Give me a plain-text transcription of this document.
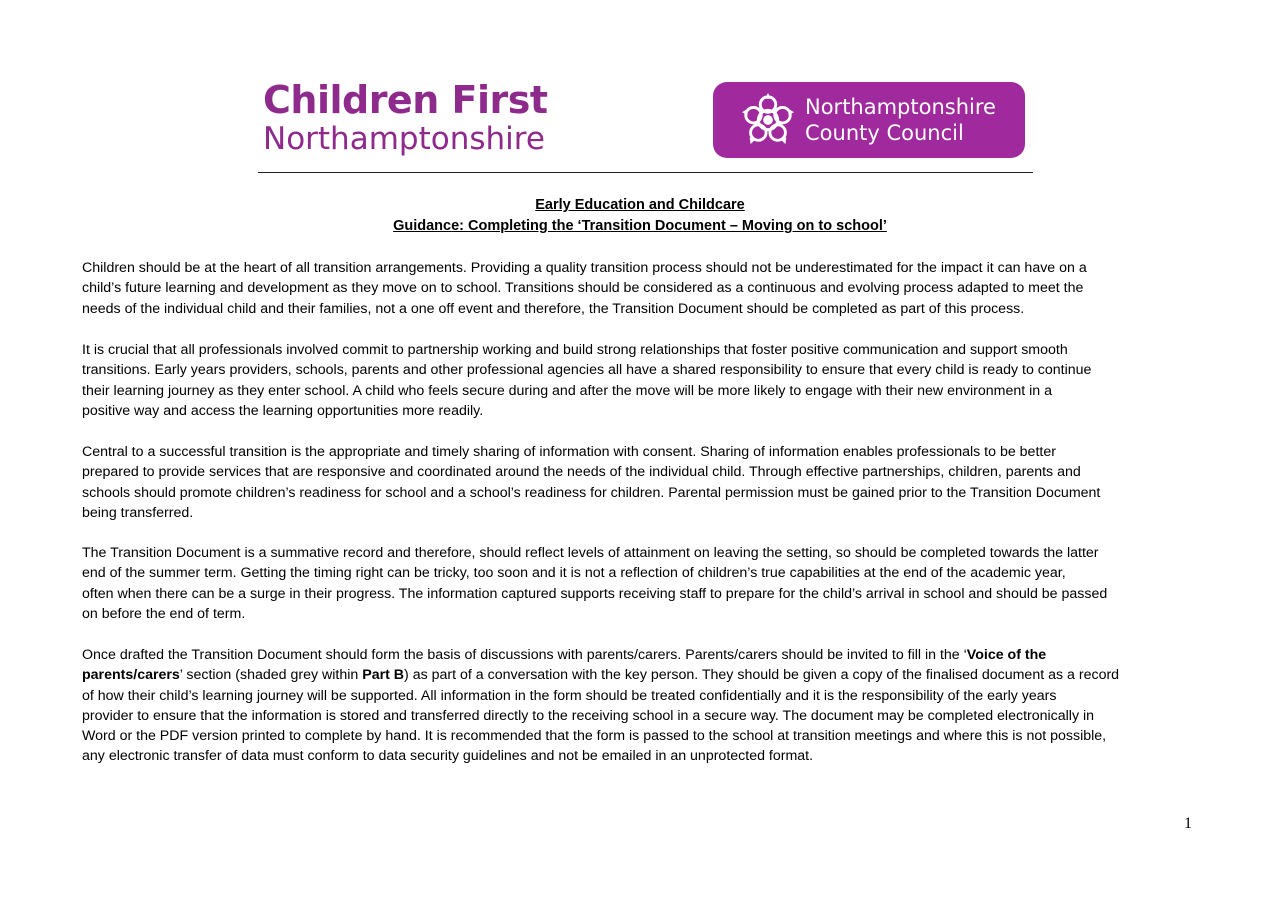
Children First
Northamptonshire
Northamptonshire
County Council
Early Education and Childcare
Guidance: Completing the ‘Transition Document – Moving on to school’
Children should be at the heart of all transition arrangements. Providing a quality transition process should not be underestimated for the impact it can have on a
child’s future learning and development as they move on to school. Transitions should be considered as a continuous and evolving process adapted to meet the
needs of the individual child and their families, not a one off event and therefore, the Transition Document should be completed as part of this process.
It is crucial that all professionals involved commit to partnership working and build strong relationships that foster positive communication and support smooth
transitions. Early years providers, schools, parents and other professional agencies all have a shared responsibility to ensure that every child is ready to continue
their learning journey as they enter school. A child who feels secure during and after the move will be more likely to engage with their new environment in a
positive way and access the learning opportunities more readily.
Central to a successful transition is the appropriate and timely sharing of information with consent. Sharing of information enables professionals to be better
prepared to provide services that are responsive and coordinated around the needs of the individual child. Through effective partnerships, children, parents and
schools should promote children’s readiness for school and a school’s readiness for children. Parental permission must be gained prior to the Transition Document
being transferred.
The Transition Document is a summative record and therefore, should reflect levels of attainment on leaving the setting, so should be completed towards the latter
end of the summer term. Getting the timing right can be tricky, too soon and it is not a reflection of children’s true capabilities at the end of the academic year,
often when there can be a surge in their progress. The information captured supports receiving staff to prepare for the child’s arrival in school and should be passed
on before the end of term.
Once drafted the Transition Document should form the basis of discussions with parents/carers. Parents/carers should be invited to fill in the ‘Voice of the
parents/carers’ section (shaded grey within Part B) as part of a conversation with the key person. They should be given a copy of the finalised document as a record
of how their child’s learning journey will be supported. All information in the form should be treated confidentially and it is the responsibility of the early years
provider to ensure that the information is stored and transferred directly to the receiving school in a secure way. The document may be completed electronically in
Word or the PDF version printed to complete by hand. It is recommended that the form is passed to the school at transition meetings and where this is not possible,
any electronic transfer of data must conform to data security guidelines and not be emailed in an unprotected format.
1
